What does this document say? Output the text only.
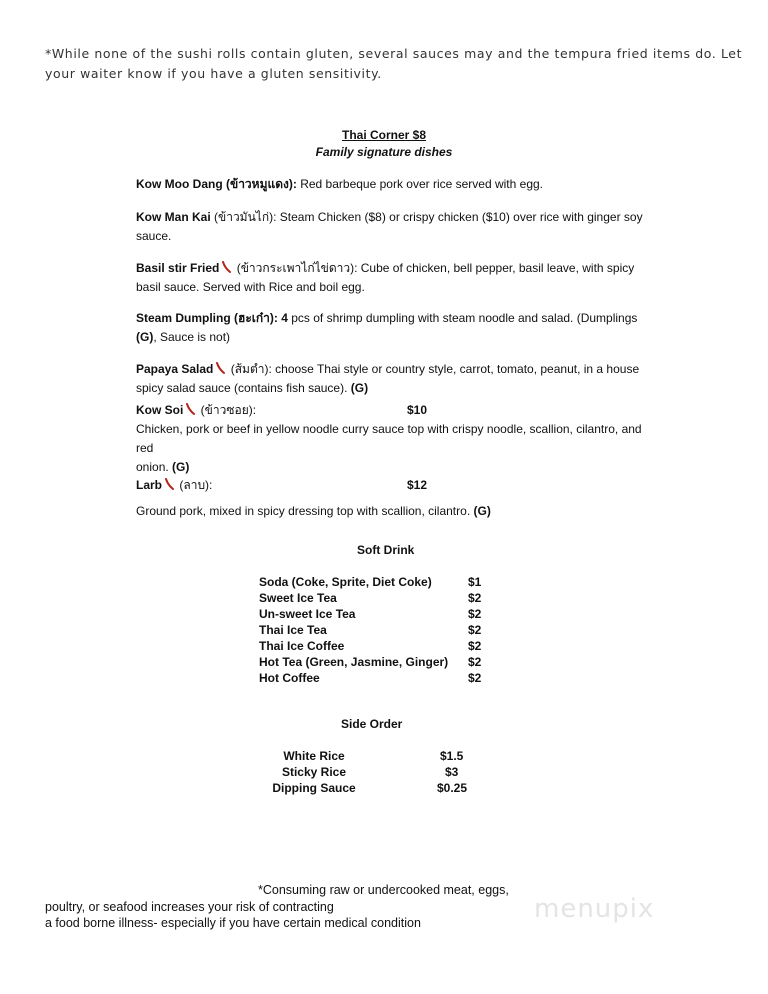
*While none of the sushi rolls contain gluten, several sauces may and the tempura fried items do. Let
your waiter know if you have a gluten sensitivity.
Thai Corner $8
Family signature dishes
Kow Moo Dang (ข้าวหมูแดง): Red barbeque pork over rice served with egg.
Kow Man Kai (ข้าวมันไก่): Steam Chicken ($8) or crispy chicken ($10) over rice with ginger soy
sauce.
Basil stir Fried (ข้าวกระเพาไก่ไข่ดาว): Cube of chicken, bell pepper, basil leave, with spicy
basil sauce. Served with Rice and boil egg.
Steam Dumpling (ฮะเก๋า): 4 pcs of shrimp dumpling with steam noodle and salad. (Dumplings
(G), Sauce is not)
Papaya Salad (ส้มตำ): choose Thai style or country style, carrot, tomato, peanut, in a house
spicy salad sauce (contains fish sauce). (G)
Kow Soi (ข้าวซอย):	$10
Chicken, pork or beef in yellow noodle curry sauce top with crispy noodle, scallion, cilantro, and red
onion. (G)
Larb (ลาบ):	$12
Ground pork, mixed in spicy dressing top with scallion, cilantro. (G)
Soft Drink
Soda (Coke, Sprite, Diet Coke)	$1
Sweet Ice Tea	$2
Un-sweet Ice Tea	$2
Thai Ice Tea	$2
Thai Ice Coffee	$2
Hot Tea (Green, Jasmine, Ginger) $2
Hot Coffee	$2
Side Order
White Rice	$1.5
Sticky Rice	$3
Dipping Sauce	$0.25
*Consuming raw or undercooked meat, eggs,
poultry, or seafood increases your risk of contracting
a food borne illness- especially if you have certain medical condition	menupix
